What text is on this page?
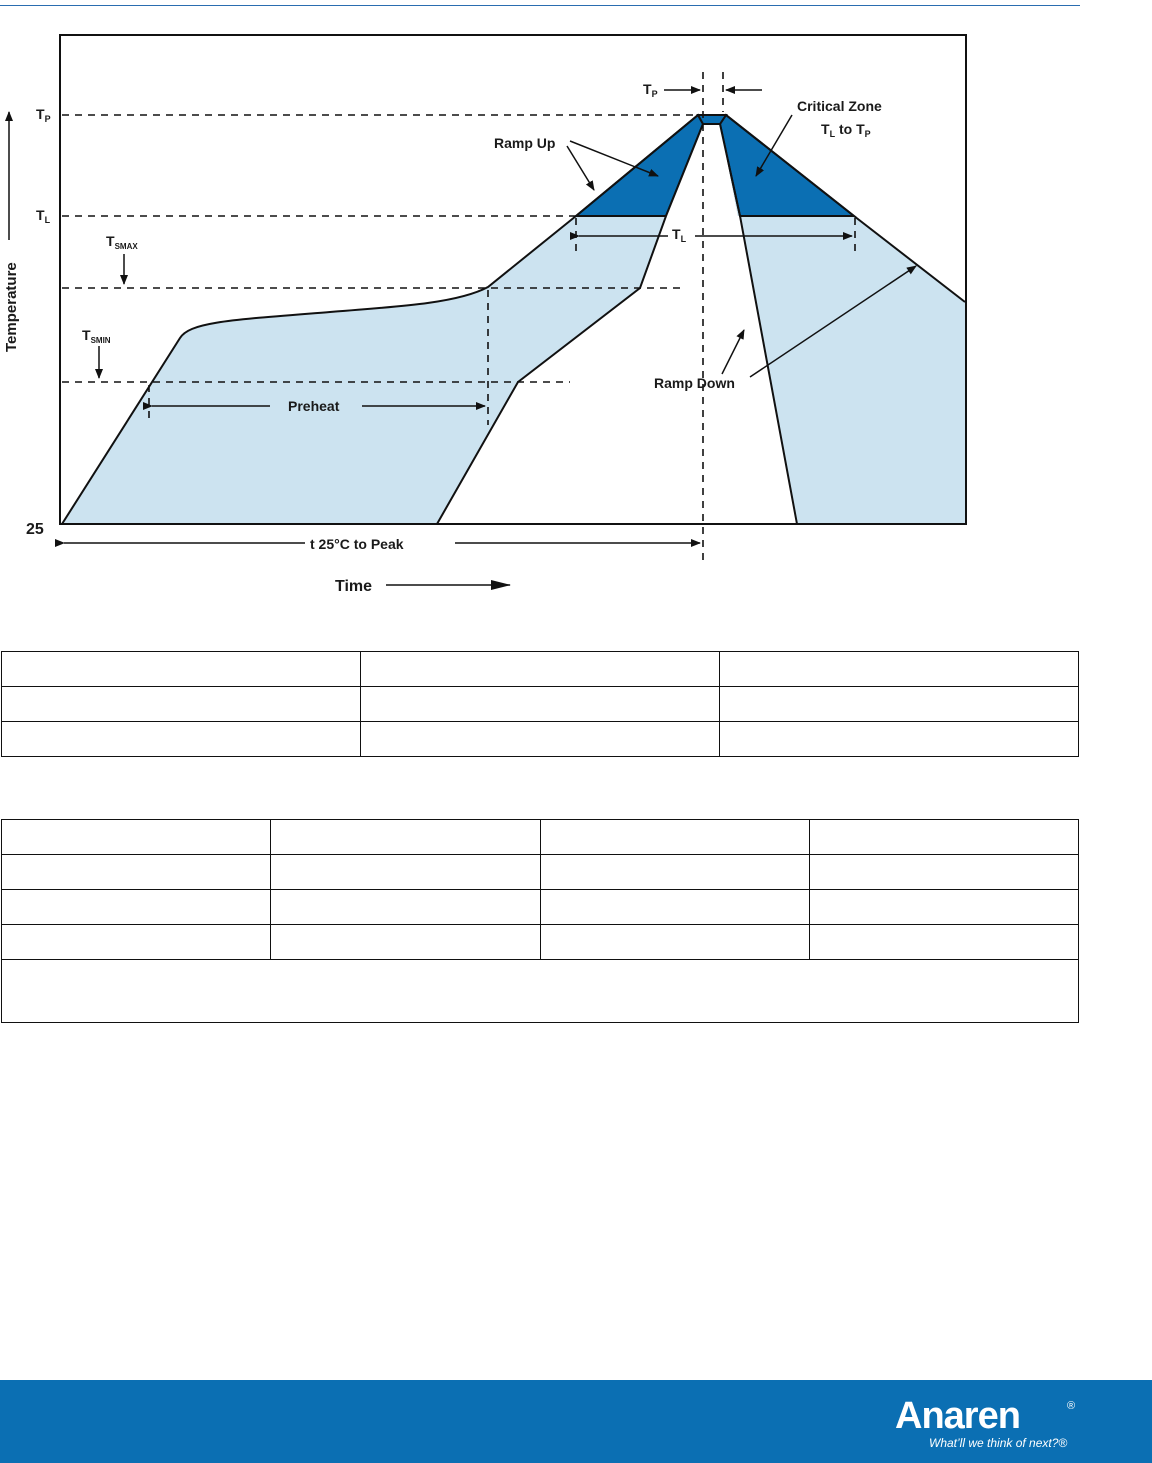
$T_P$
$T_L$
$T_{SMAX}$
$T_{SMIN}$
25
Temperature
Time
Ramp Up
Ramp Down
Critical Zone
$T_L$ to $T_P$
Preheat
$T_L$
$T_P$
t 25°C to Peak

Anaren	®
What’ll we think of next?®
